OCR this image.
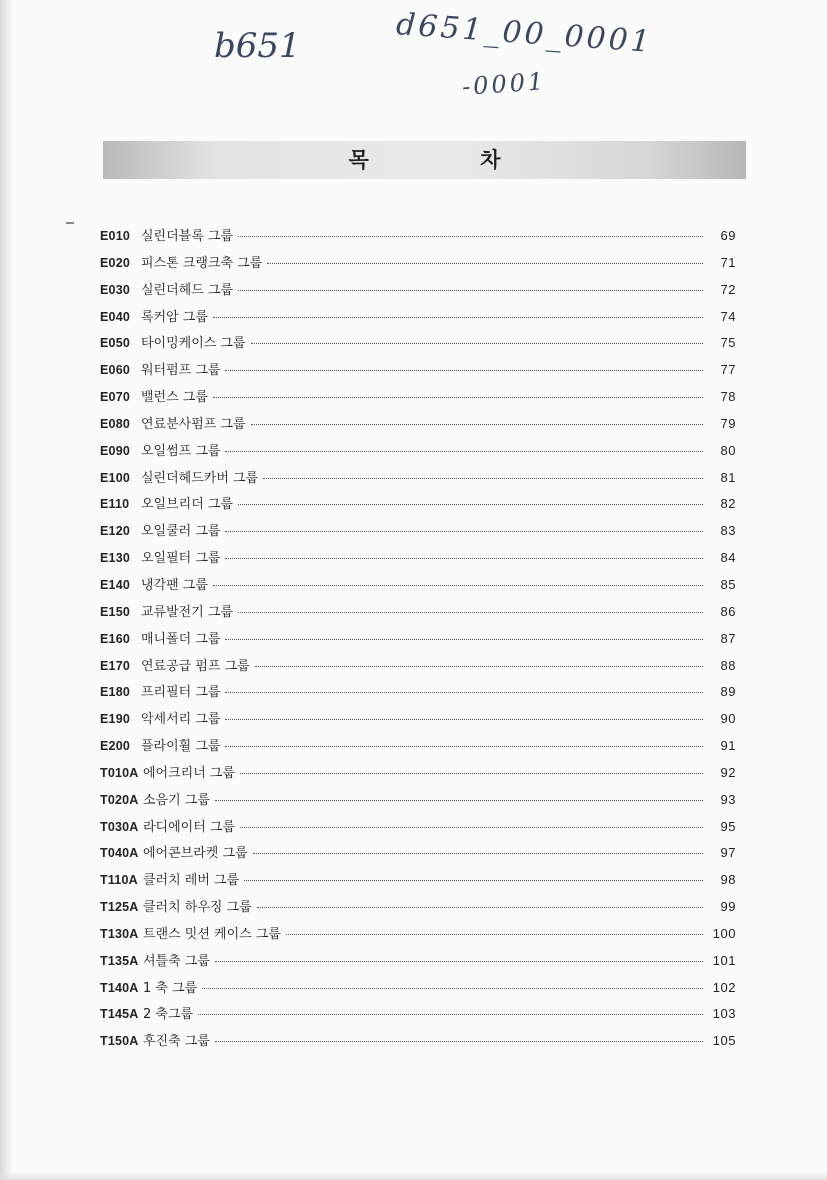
b651	d651_00_0001

-0001

목 차
E010 실린더블록 그룹	69
E020 피스톤 크랭크축 그룹	71
E030 실린더헤드 그룹	72
E040 록커암 그룹	74
E050 타이밍케이스 그룹	75
E060 워터펌프 그룹	77
E070 밸런스 그룹	78
E080 연료분사펌프 그룹	79
E090 오일썸프 그룹	80
E100 실린더헤드카버 그룹	81
E110 오일브리더 그룹	82
E120 오일쿨러 그룹	83
E130 오일필터 그룹	84
E140 냉각팬 그룹	85
E150 교류발전기 그룹	86
E160 매니폴더 그룹	87
E170 연료공급 펌프 그룹	88
E180 프리필터 그룹	89
E190 악세서리 그룹	90
E200 플라이휠 그룹	91
T010A 에어크리너 그룹	92
T020A 소음기 그룹	93
T030A 라디에이터 그룹	95
T040A 에어콘브라켓 그룹	97
T110A 클러치 레버 그룹	98
T125A 클러치 하우징 그룹	99
T130A 트랜스 밋션 케이스 그룹	100
T135A 셔틀축 그룹	101
T140A 1 축 그룹	102
T145A 2 축그룹	103
T150A 후진축 그룹	105
